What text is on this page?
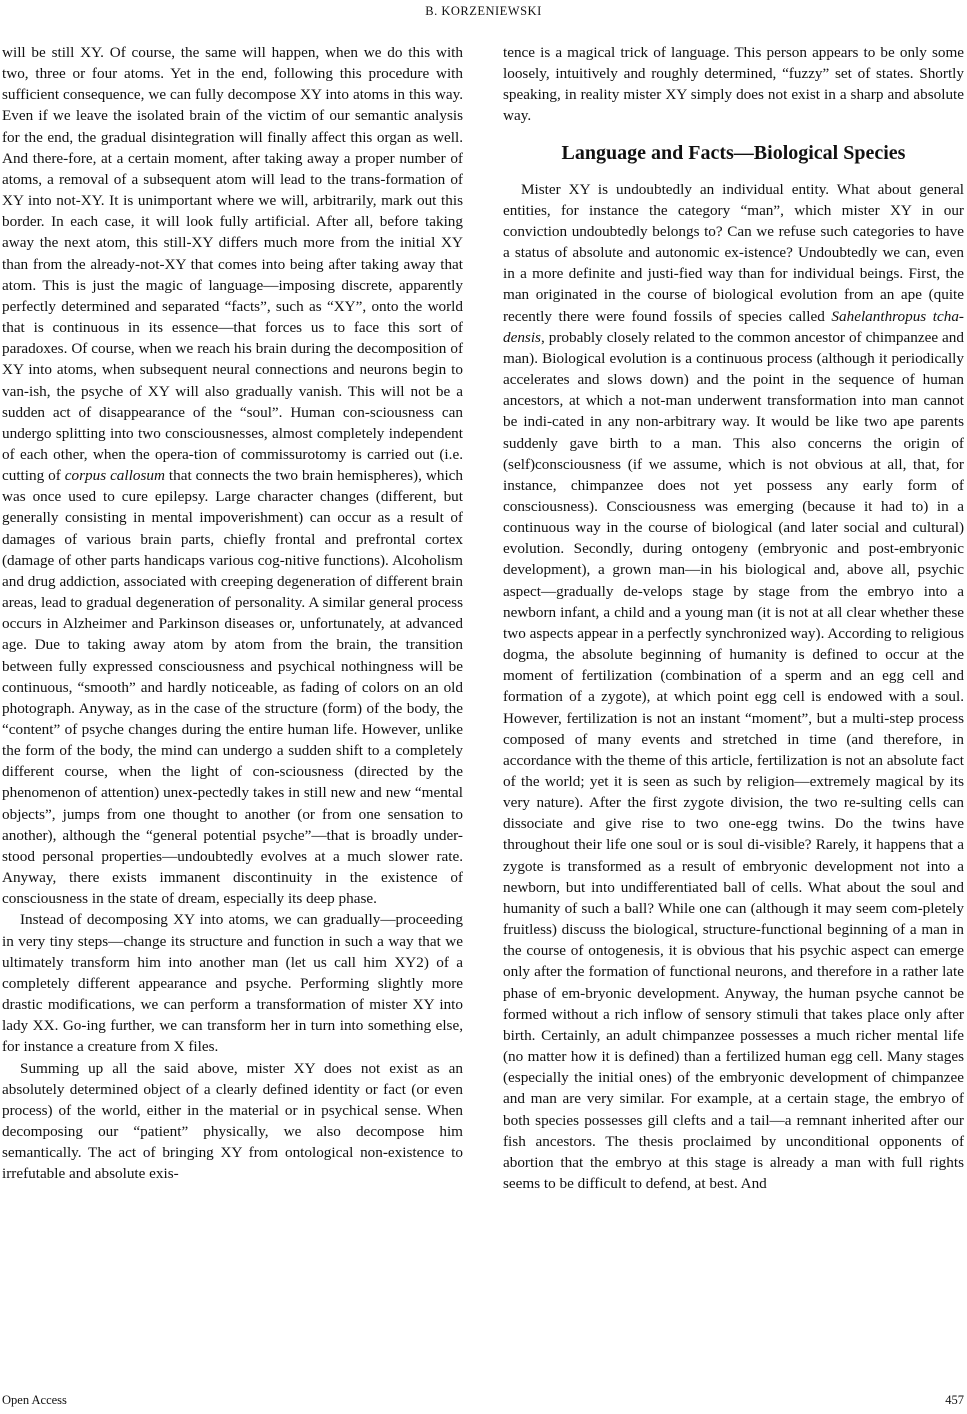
B. KORZENIEWSKI

will be still XY. Of course, the same will happen, when we do this with two, three or four atoms. Yet in the end, following this procedure with sufficient consequence, we can fully decompose XY into atoms in this way. Even if we leave the isolated brain of the victim of our semantic analysis for the end, the gradual disintegration will finally affect this organ as well. And there-fore, at a certain moment, after taking away a proper number of atoms, a removal of a subsequent atom will lead to the trans-formation of XY into not-XY. It is unimportant where we will, arbitrarily, mark out this border. In each case, it will look fully artificial. After all, before taking away the next atom, this still-XY differs much more from the initial XY than from the already-not-XY that comes into being after taking away that atom. This is just the magic of language—imposing discrete, apparently perfectly determined and separated “facts”, such as “XY”, onto the world that is continuous in its essence—that forces us to face this sort of paradoxes. Of course, when we reach his brain during the decomposition of XY into atoms, when subsequent neural connections and neurons begin to van-ish, the psyche of XY will also gradually vanish. This will not be a sudden act of disappearance of the “soul”. Human con-sciousness can undergo splitting into two consciousnesses, almost completely independent of each other, when the opera-tion of commissurotomy is carried out (i.e. cutting of corpus callosum that connects the two brain hemispheres), which was once used to cure epilepsy. Large character changes (different, but generally consisting in mental impoverishment) can occur as a result of damages of various brain parts, chiefly frontal and prefrontal cortex (damage of other parts handicaps various cog-nitive functions). Alcoholism and drug addiction, associated with creeping degeneration of different brain areas, lead to gradual degeneration of personality. A similar general process occurs in Alzheimer and Parkinson diseases or, unfortunately, at advanced age. Due to taking away atom by atom from the brain, the transition between fully expressed consciousness and psychical nothingness will be continuous, “smooth” and hardly noticeable, as fading of colors on an old photograph. Anyway, as in the case of the structure (form) of the body, the “content” of psyche changes during the entire human life. However, unlike the form of the body, the mind can undergo a sudden shift to a completely different course, when the light of con-sciousness (directed by the phenomenon of attention) unex-pectedly takes in still new and new “mental objects”, jumps from one thought to another (or from one sensation to another), although the “general potential psyche”—that is broadly under-stood personal properties—undoubtedly evolves at a much slower rate. Anyway, there exists immanent discontinuity in the existence of consciousness in the state of dream, especially its deep phase.

Instead of decomposing XY into atoms, we can gradually—proceeding in very tiny steps—change its structure and function in such a way that we ultimately transform him into another man (let us call him XY2) of a completely different appearance and psyche. Performing slightly more drastic modifications, we can perform a transformation of mister XY into lady XX. Go-ing further, we can transform her in turn into something else, for instance a creature from X files.

Summing up all the said above, mister XY does not exist as an absolutely determined object of a clearly defined identity or fact (or even process) of the world, either in the material or in psychical sense. When decomposing our “patient” physically, we also decompose him semantically. The act of bringing XY from ontological non-existence to irrefutable and absolute exis-

tence is a magical trick of language. This person appears to be only some loosely, intuitively and roughly determined, “fuzzy” set of states. Shortly speaking, in reality mister XY simply does not exist in a sharp and absolute way.

Language and Facts—Biological Species

Mister XY is undoubtedly an individual entity. What about general entities, for instance the category “man”, which mister XY in our conviction undoubtedly belongs to? Can we refuse such categories to have a status of absolute and autonomic ex-istence? Undoubtedly we can, even in a more definite and justi-fied way than for individual beings. First, the man originated in the course of biological evolution from an ape (quite recently there were found fossils of species called Sahelanthropus tcha-densis, probably closely related to the common ancestor of chimpanzee and man). Biological evolution is a continuous process (although it periodically accelerates and slows down) and the point in the sequence of human ancestors, at which a not-man underwent transformation into man cannot be indi-cated in any non-arbitrary way. It would be like two ape parents suddenly gave birth to a man. This also concerns the origin of (self)consciousness (if we assume, which is not obvious at all, that, for instance, chimpanzee does not yet possess any early form of consciousness). Consciousness was emerging (because it had to) in a continuous way in the course of biological (and later social and cultural) evolution. Secondly, during ontogeny (embryonic and post-embryonic development), a grown man—in his biological and, above all, psychic aspect—gradually de-velops stage by stage from the embryo into a newborn infant, a child and a young man (it is not at all clear whether these two aspects appear in a perfectly synchronized way). According to religious dogma, the absolute beginning of humanity is defined to occur at the moment of fertilization (combination of a sperm and an egg cell and formation of a zygote), at which point egg cell is endowed with a soul. However, fertilization is not an instant “moment”, but a multi-step process composed of many events and stretched in time (and therefore, in accordance with the theme of this article, fertilization is not an absolute fact of the world; yet it is seen as such by religion—extremely magical by its very nature). After the first zygote division, the two re-sulting cells can dissociate and give rise to two one-egg twins. Do the twins have throughout their life one soul or is soul di-visible? Rarely, it happens that a zygote is transformed as a result of embryonic development not into a newborn, but into undifferentiated ball of cells. What about the soul and humanity of such a ball? While one can (although it may seem com-pletely fruitless) discuss the biological, structure-functional beginning of a man in the course of ontogenesis, it is obvious that his psychic aspect can emerge only after the formation of functional neurons, and therefore in a rather late phase of em-bryonic development. Anyway, the human psyche cannot be formed without a rich inflow of sensory stimuli that takes place only after birth. Certainly, an adult chimpanzee possesses a much richer mental life (no matter how it is defined) than a fertilized human egg cell. Many stages (especially the initial ones) of the embryonic development of chimpanzee and man are very similar. For example, at a certain stage, the embryo of both species possesses gill clefts and a tail—a remnant inherited after our fish ancestors. The thesis proclaimed by unconditional opponents of abortion that the embryo at this stage is already a man with full rights seems to be difficult to defend, at best. And

Open Access	457
